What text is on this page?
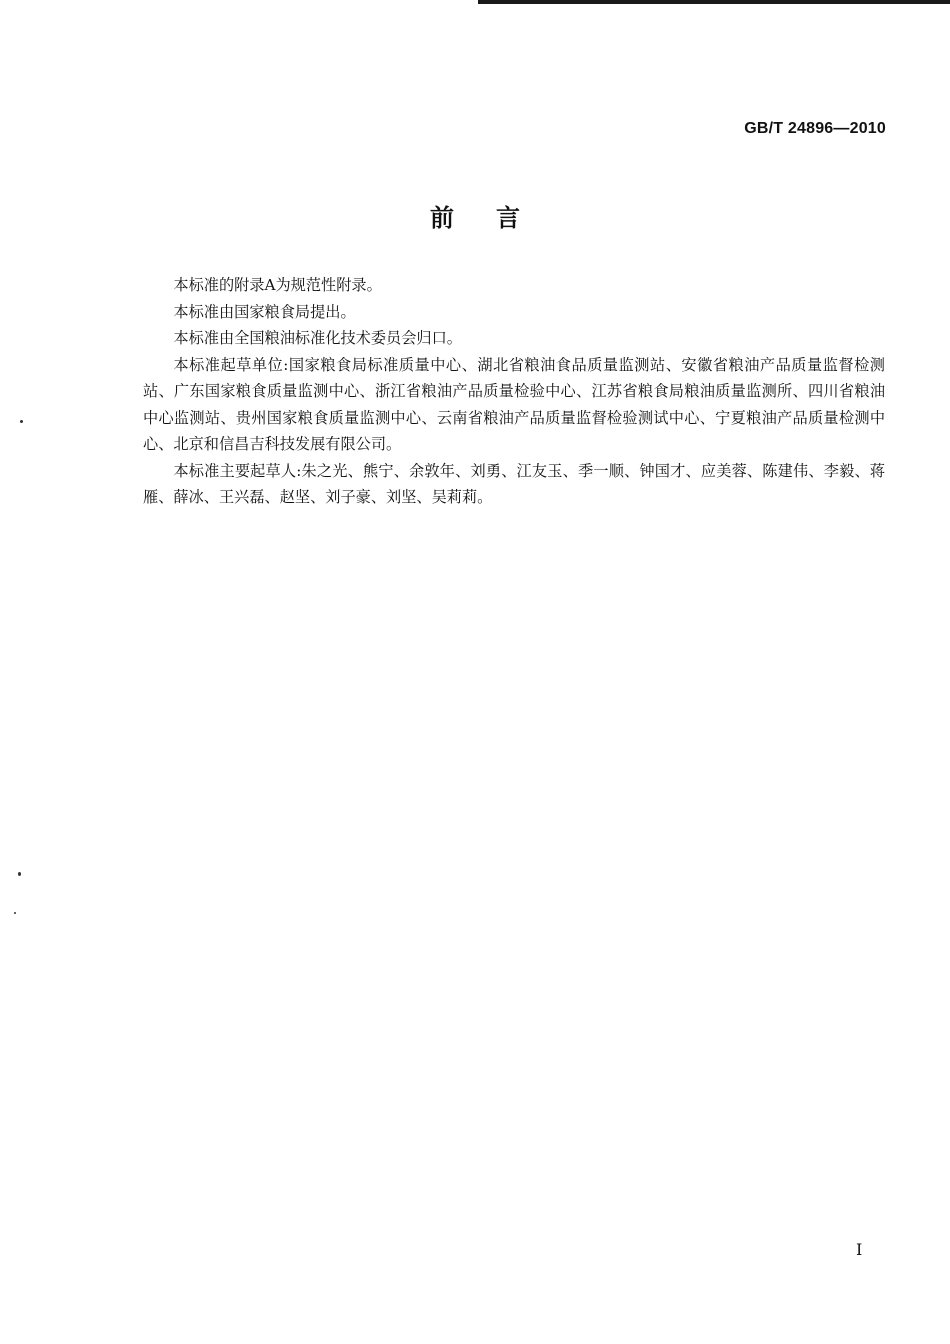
GB/T 24896—2010
前言

本标准的附录A为规范性附录。

本标准由国家粮食局提出。

本标准由全国粮油标准化技术委员会归口。

本标准起草单位:国家粮食局标准质量中心、湖北省粮油食品质量监测站、安徽省粮油产品质量监督检测站、广东国家粮食质量监测中心、浙江省粮油产品质量检验中心、江苏省粮食局粮油质量监测所、四川省粮油中心监测站、贵州国家粮食质量监测中心、云南省粮油产品质量监督检验测试中心、宁夏粮油产品质量检测中心、北京和信昌吉科技发展有限公司。

本标准主要起草人:朱之光、熊宁、余敦年、刘勇、江友玉、季一顺、钟国才、应美蓉、陈建伟、李毅、蒋雁、薛冰、王兴磊、赵坚、刘子豪、刘坚、吴莉莉。

I
